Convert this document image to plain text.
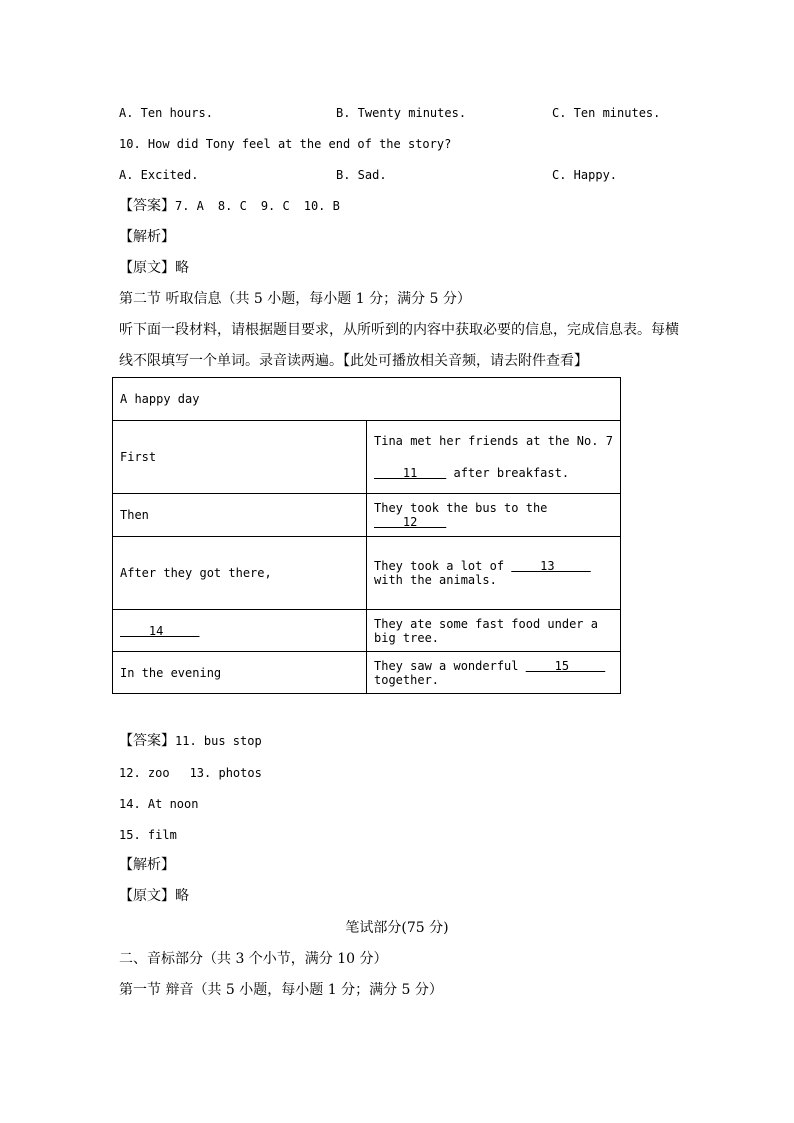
A. Ten hours.	B. Twenty minutes.	C. Ten minutes.
10. How did Tony feel at the end of the story?
A. Excited.	B. Sad.	C. Happy.
【答案】7. A 8. C 9. C 10. B
【解析】
【原文】略
第二节 听取信息（共 5 小题，每小题 1 分；满分 5 分）
听下面一段材料，请根据题目要求，从所听到的内容中获取必要的信息，完成信息表。每横
线不限填写一个单词。录音读两遍。【此处可播放相关音频，请去附件查看】
A happy day	
First	Tina met her friends at the No. 7     11     after breakfast.
Then	They took the bus to the     12
After they got there,	They took a lot of     13      with the animals.
14	They ate some fast food under a big tree.
In the evening	They saw a wonderful     15      together.
【答案】11. bus stop
12. zoo 13. photos
14. At noon
15. film
【解析】
【原文】略
笔试部分(75 分)
二、音标部分（共 3 个小节，满分 10 分）
第一节 辩音（共 5 小题，每小题 1 分；满分 5 分）
